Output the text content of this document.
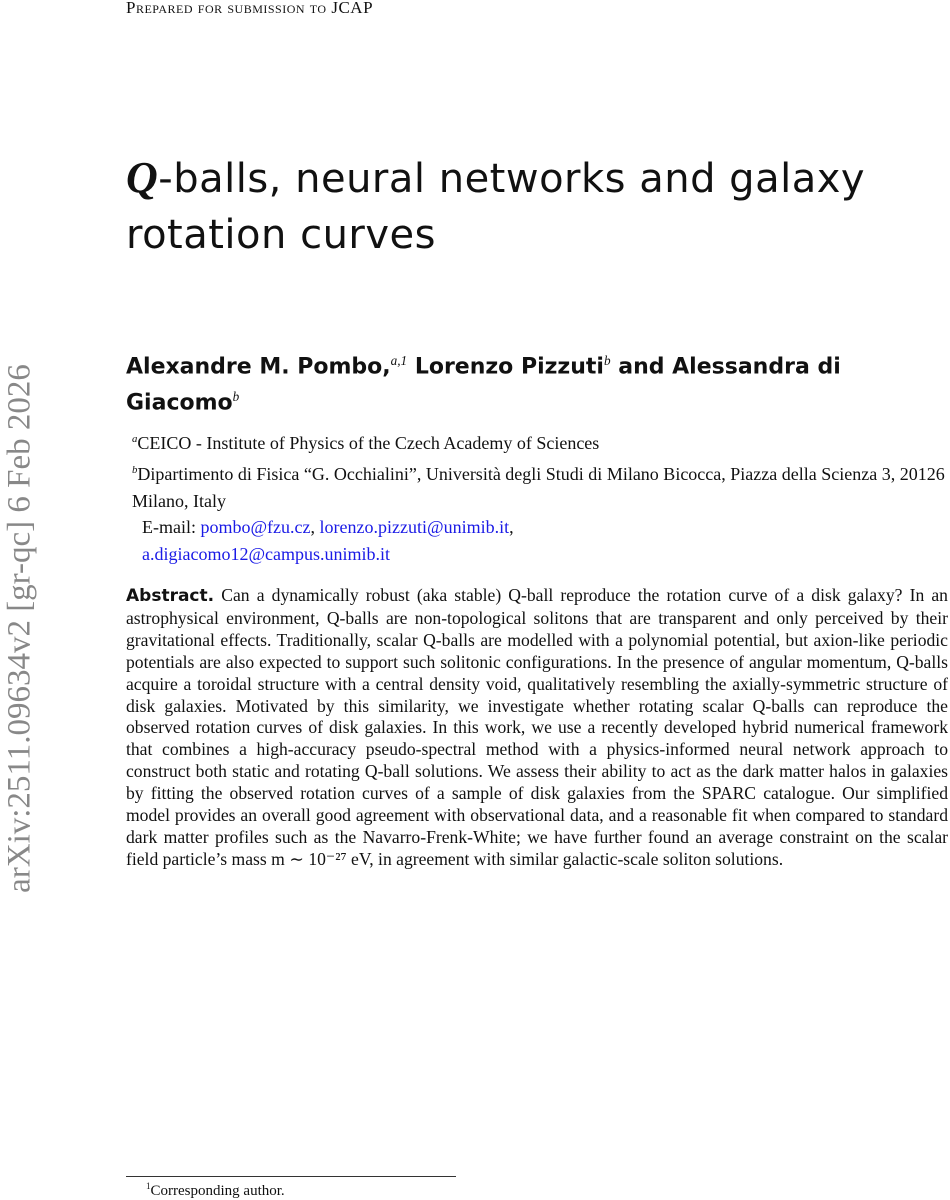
Prepared for submission to JCAP
arXiv:2511.09634v2 [gr-qc] 6 Feb 2026
Q-balls, neural networks and galaxy rotation curves
Alexandre M. Pombo,$^{a,1}$ Lorenzo Pizzuti$^b$ and Alessandra di Giacomo$^b$
$^a$CEICO - Institute of Physics of the Czech Academy of Sciences
$^b$Dipartimento di Fisica “G. Occhialini”, Università degli Studi di Milano Bicocca, Piazza della Scienza 3, 20126 Milano, Italy
E-mail: pombo@fzu.cz, lorenzo.pizzuti@unimib.it,
a.digiacomo12@campus.unimib.it
Abstract. Can a dynamically robust (aka stable) Q-ball reproduce the rotation curve of a disk galaxy? In an astrophysical environment, Q-balls are non-topological solitons that are transparent and only perceived by their gravitational effects. Traditionally, scalar Q-balls are modelled with a polynomial potential, but axion-like periodic potentials are also expected to support such solitonic configurations. In the presence of angular momentum, Q-balls acquire a toroidal structure with a central density void, qualitatively resembling the axially-symmetric structure of disk galaxies. Motivated by this similarity, we investigate whether rotating scalar Q-balls can reproduce the observed rotation curves of disk galaxies. In this work, we use a recently developed hybrid numerical framework that combines a high-accuracy pseudo-spectral method with a physics-informed neural network approach to construct both static and rotating Q-ball solutions. We assess their ability to act as the dark matter halos in galaxies by fitting the observed rotation curves of a sample of disk galaxies from the SPARC catalogue. Our simplified model provides an overall good agreement with observational data, and a reasonable fit when compared to standard dark matter profiles such as the Navarro-Frenk-White; we have further found an average constraint on the scalar field particle’s mass m ∼ 10⁻²⁷ eV, in agreement with similar galactic-scale soliton solutions.
$^1$Corresponding author.
